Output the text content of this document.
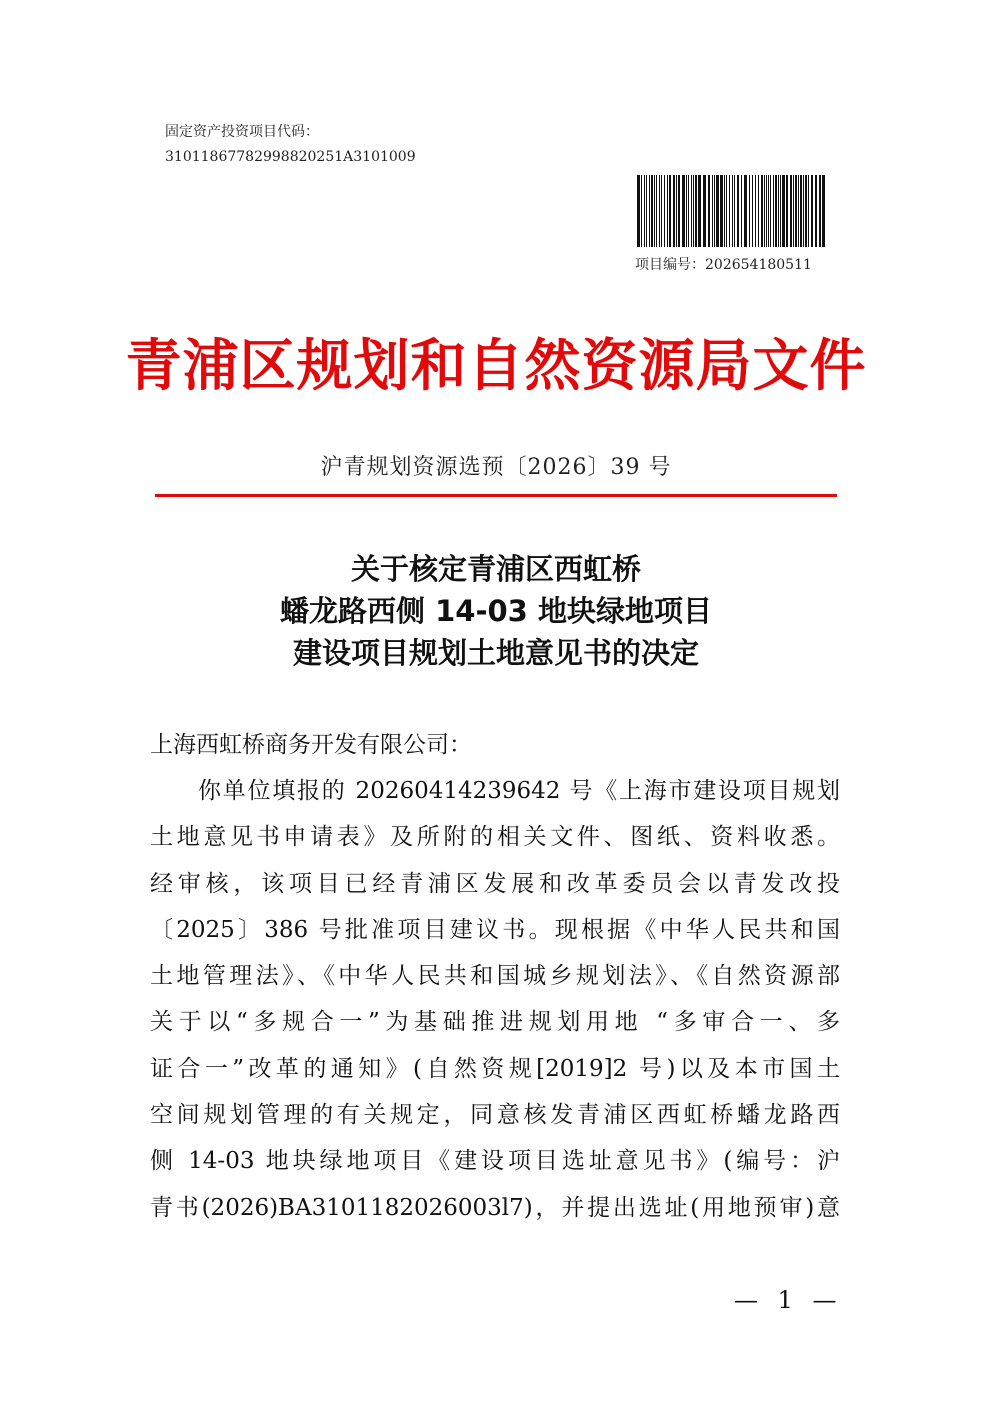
固定资产投资项目代码：
31011867782998820251A3101009
项目编号：202654180511
青浦区规划和自然资源局文件
沪青规划资源选预〔2026〕39 号
关于核定青浦区西虹桥
蟠龙路西侧 14-03 地块绿地项目
建设项目规划土地意见书的决定
上海西虹桥商务开发有限公司：
你单位填报的 20260414239642 号《上海市建设项目规划
土地意见书申请表》及所附的相关文件、图纸、资料收悉。
经审核，该项目已经青浦区发展和改革委员会以青发改投
〔2025〕386 号批准项目建议书。现根据《中华人民共和国
土地管理法》、《中华人民共和国城乡规划法》、《自然资源部
关于以“多规合一”为基础推进规划用地 “多审合一、多
证合一”改革的通知》(自然资规[2019]2 号)以及本市国土
空间规划管理的有关规定，同意核发青浦区西虹桥蟠龙路西
侧 14-03 地块绿地项目《建设项目选址意见书》(编号：沪
青书(2026)BA3101182026003l7)，并提出选址(用地预审)意
— 1 —
